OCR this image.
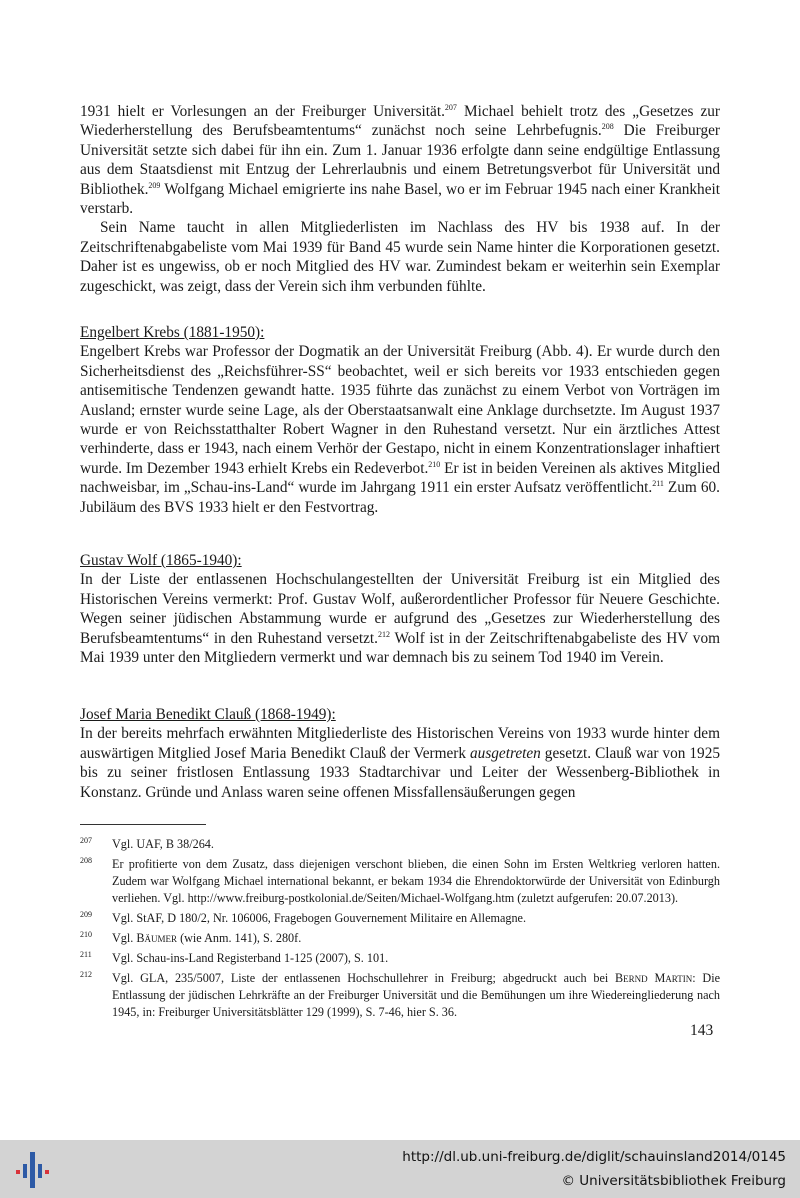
1931 hielt er Vorlesungen an der Freiburger Universität.$^{207}$ Michael behielt trotz des „Gesetzes zur Wiederherstellung des Berufsbeamtentums“ zunächst noch seine Lehrbefugnis.$^{208}$ Die Freiburger Universität setzte sich dabei für ihn ein. Zum 1. Januar 1936 erfolgte dann seine endgültige Entlassung aus dem Staatsdienst mit Entzug der Lehrerlaubnis und einem Betretungsverbot für Universität und Bibliothek.$^{209}$ Wolfgang Michael emigrierte ins nahe Basel, wo er im Februar 1945 nach einer Krankheit verstarb.

Sein Name taucht in allen Mitgliederlisten im Nachlass des HV bis 1938 auf. In der Zeitschriftenabgabeliste vom Mai 1939 für Band 45 wurde sein Name hinter die Korporationen gesetzt. Daher ist es ungewiss, ob er noch Mitglied des HV war. Zumindest bekam er weiterhin sein Exemplar zugeschickt, was zeigt, dass der Verein sich ihm verbunden fühlte.

Engelbert Krebs (1881-1950):

Engelbert Krebs war Professor der Dogmatik an der Universität Freiburg (Abb. 4). Er wurde durch den Sicherheitsdienst des „Reichsführer-SS“ beobachtet, weil er sich bereits vor 1933 entschieden gegen antisemitische Tendenzen gewandt hatte. 1935 führte das zunächst zu einem Verbot von Vorträgen im Ausland; ernster wurde seine Lage, als der Oberstaatsanwalt eine Anklage durchsetzte. Im August 1937 wurde er von Reichsstatthalter Robert Wagner in den Ruhestand versetzt. Nur ein ärztliches Attest verhinderte, dass er 1943, nach einem Verhör der Gestapo, nicht in einem Konzentrationslager inhaftiert wurde. Im Dezember 1943 erhielt Krebs ein Redeverbot.$^{210}$ Er ist in beiden Vereinen als aktives Mitglied nachweisbar, im „Schau-ins-Land“ wurde im Jahrgang 1911 ein erster Aufsatz veröffentlicht.$^{211}$ Zum 60. Jubiläum des BVS 1933 hielt er den Festvortrag.

Gustav Wolf (1865-1940):

In der Liste der entlassenen Hochschulangestellten der Universität Freiburg ist ein Mitglied des Historischen Vereins vermerkt: Prof. Gustav Wolf, außerordentlicher Professor für Neuere Geschichte. Wegen seiner jüdischen Abstammung wurde er aufgrund des „Gesetzes zur Wiederherstellung des Berufsbeamtentums“ in den Ruhestand versetzt.$^{212}$ Wolf ist in der Zeitschriftenabgabeliste des HV vom Mai 1939 unter den Mitgliedern vermerkt und war demnach bis zu seinem Tod 1940 im Verein.

Josef Maria Benedikt Clauß (1868-1949):

In der bereits mehrfach erwähnten Mitgliederliste des Historischen Vereins von 1933 wurde hinter dem auswärtigen Mitglied Josef Maria Benedikt Clauß der Vermerk ausgetreten gesetzt. Clauß war von 1925 bis zu seiner fristlosen Entlassung 1933 Stadtarchivar und Leiter der Wessenberg-Bibliothek in Konstanz. Gründe und Anlass waren seine offenen Missfallensäußerungen gegen

207	Vgl. UAF, B 38/264.
208	Er profitierte von dem Zusatz, dass diejenigen verschont blieben, die einen Sohn im Ersten Weltkrieg verloren hatten. Zudem war Wolfgang Michael international bekannt, er bekam 1934 die Ehrendoktorwürde der Universität von Edinburgh verliehen. Vgl. http://www.freiburg-postkolonial.de/Seiten/Michael-Wolfgang.htm (zuletzt aufgerufen: 20.07.2013).
209	Vgl. StAF, D 180/2, Nr. 106006, Fragebogen Gouvernement Militaire en Allemagne.
210	Vgl. Bäumer (wie Anm. 141), S. 280f.
211	Vgl. Schau-ins-Land Registerband 1-125 (2007), S. 101.
212	Vgl. GLA, 235/5007, Liste der entlassenen Hochschullehrer in Freiburg; abgedruckt auch bei Bernd Martin: Die Entlassung der jüdischen Lehrkräfte an der Freiburger Universität und die Bemühungen um ihre Wiedereingliederung nach 1945, in: Freiburger Universitätsblätter 129 (1999), S. 7-46, hier S. 36.
143
http://dl.ub.uni-freiburg.de/diglit/schauinsland2014/0145
© Universitätsbibliothek Freiburg
